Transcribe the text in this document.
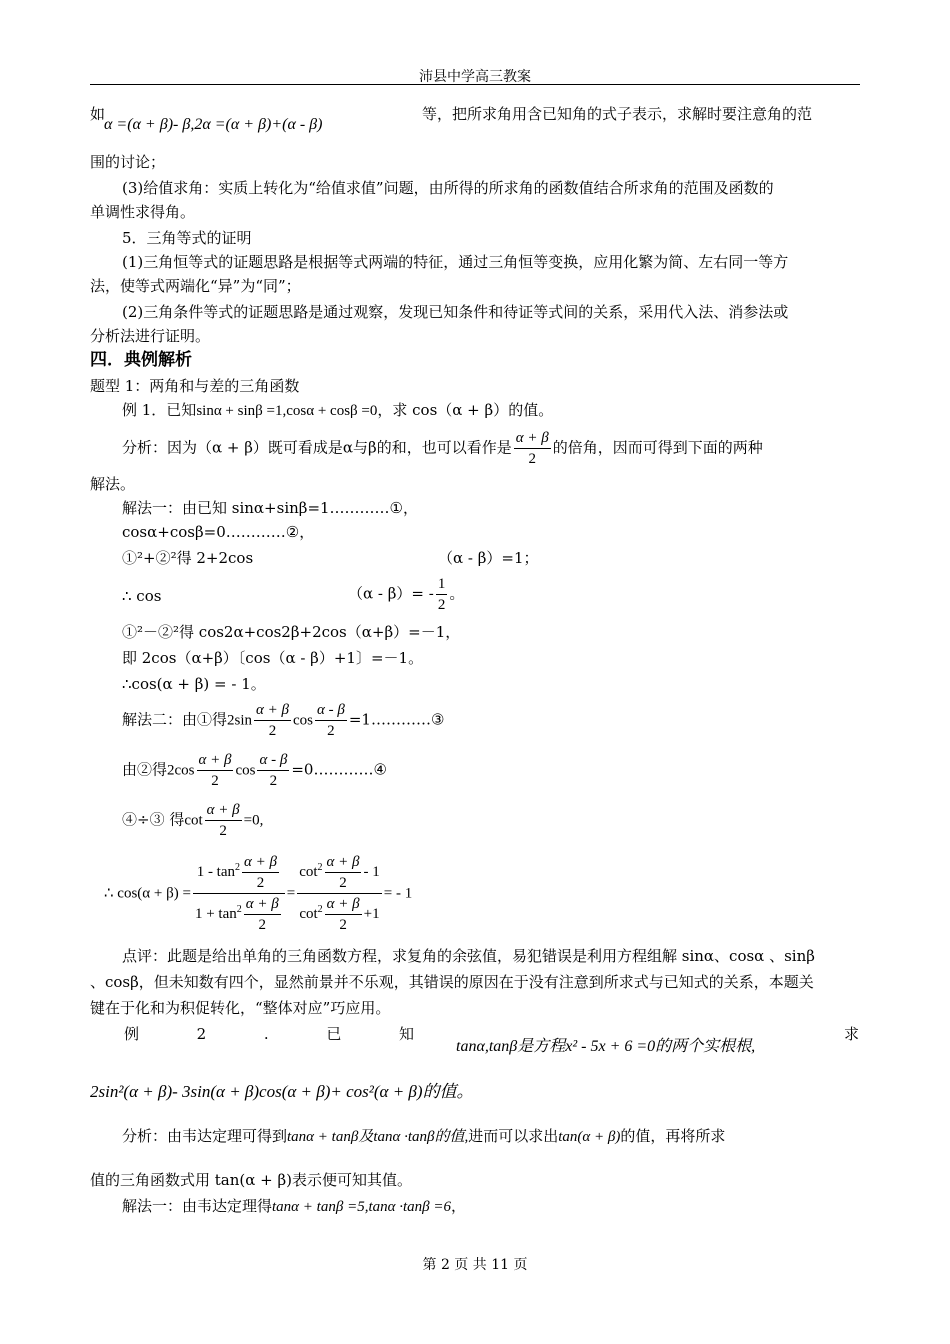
沛县中学高三教案
如
α =(α + β)- β,2α =(α + β)+(α - β)
等，把所求角用含已知角的式子表示，求解时要注意角的范
围的讨论；
(3)给值求角：实质上转化为“给值求值”问题，由所得的所求角的函数值结合所求角的范围及函数的
单调性求得角。
5．三角等式的证明
(1)三角恒等式的证题思路是根据等式两端的特征，通过三角恒等变换，应用化繁为简、左右同一等方
法，使等式两端化“异”为“同”；
(2)三角条件等式的证题思路是通过观察，发现已知条件和待证等式间的关系，采用代入法、消参法或
分析法进行证明。
四．典例解析
题型 1：两角和与差的三角函数
例 1．已知sinα + sinβ =1,cosα + cosβ =0，求 cos（α + β）的值。
分析：因为（α + β）既可看成是α与β的和，也可以看作是 $\frac{\alpha + \beta}{2}$ 的倍角，因而可得到下面的两种
解法。
解法一：由已知 sinα+sinβ=1…………①，
cosα+cosβ=0…………②，
①²+②²得 2+2cos	（α - β）=1；
∴ cos	$(\alpha - \beta)= - \frac{1}{2}$ 。
①²－②²得 cos2α+cos2β+2cos（α+β）=－1，
即 2cos（α+β）〔cos（α - β）+1〕=－1。
∴cos(α + β) = - 1。
解法二：由①得$2\sin \frac{\alpha + \beta}{2}$ $\cos \frac{\alpha - \beta}{2}$ =1…………③
由②得$2\cos \frac{\alpha + \beta}{2}$ $\cos \frac{\alpha - \beta}{2}$ =0…………④
④÷③ 得$\cot \frac{\alpha + \beta}{2} =0$,
∴ $\cos(\alpha + \beta) = \frac{1 - \tan^2 \frac{\alpha + \beta}{2}}{1 + \tan^2 \frac{\alpha + \beta}{2}} = \frac{\cot^2 \frac{\alpha + \beta}{2} - 1}{\cot^2 \frac{\alpha + \beta}{2} +1}$ = - 1
点评：此题是给出单角的三角函数方程，求复角的余弦值，易犯错误是利用方程组解 sinα、cosα 、sinβ
、cosβ，但未知数有四个，显然前景并不乐观，其错误的原因在于没有注意到所求式与已知式的关系，本题关
键在于化和为积促转化，“整体对应”巧应用。
例	2	.	已	知
tanα,tanβ是方程x² - 5x + 6 =0的两个实根根,
求
2sin²(α + β)- 3sin(α + β)cos(α + β)+ cos²(α + β)的值。
分析：由韦达定理可得到tanα + tanβ及tanα ·tanβ的值,进而可以求出tan(α + β)的值，再将所求
值的三角函数式用 tan(α + β)表示便可知其值。
解法一：由韦达定理得tanα + tanβ =5,tanα ·tanβ =6，
第 2 页 共 11 页
